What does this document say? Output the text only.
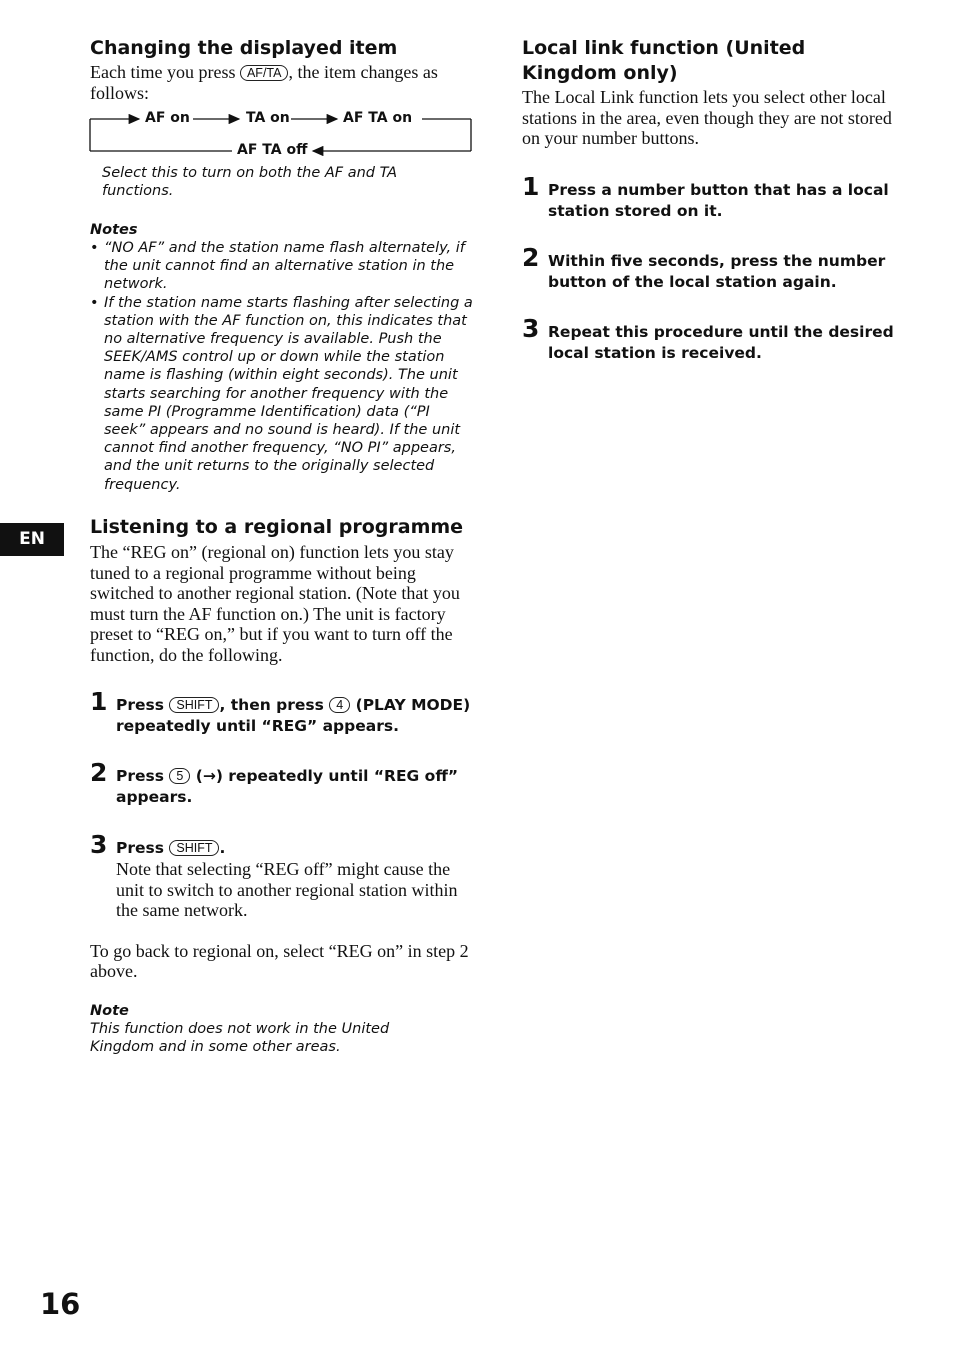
Changing the displayed item
Each time you press AF/TA , the item changes as follows:
AF on	TA on	AF TA on
AF TA off
Select this to turn on both the AF and TA functions.
Notes
• “NO AF” and the station name flash alternately, if the unit cannot find an alternative station in the network.
• If the station name starts flashing after selecting a station with the AF function on, this indicates that no alternative frequency is available. Push the SEEK/AMS control up or down while the station name is flashing (within eight seconds). The unit starts searching for another frequency with the same PI (Programme Identification) data (“PI seek” appears and no sound is heard). If the unit cannot find another frequency, “NO PI” appears, and the unit returns to the originally selected frequency.
EN
Listening to a regional programme
The “REG on” (regional on) function lets you stay tuned to a regional programme without being switched to another regional station. (Note that you must turn the AF function on.) The unit is factory preset to “REG on,” but if you want to turn off the function, do the following.
1 Press SHIFT , then press 4 (PLAY MODE) repeatedly until “REG” appears.
2 Press 5 (→) repeatedly until “REG off” appears.
3 Press SHIFT .
Note that selecting “REG off” might cause the unit to switch to another regional station within the same network.
To go back to regional on, select “REG on” in step 2 above.
Note
This function does not work in the United Kingdom and in some other areas.
Local link function (United Kingdom only)
The Local Link function lets you select other local stations in the area, even though they are not stored on your number buttons.
1 Press a number button that has a local station stored on it.
2 Within five seconds, press the number button of the local station again.
3 Repeat this procedure until the desired local station is received.
16
